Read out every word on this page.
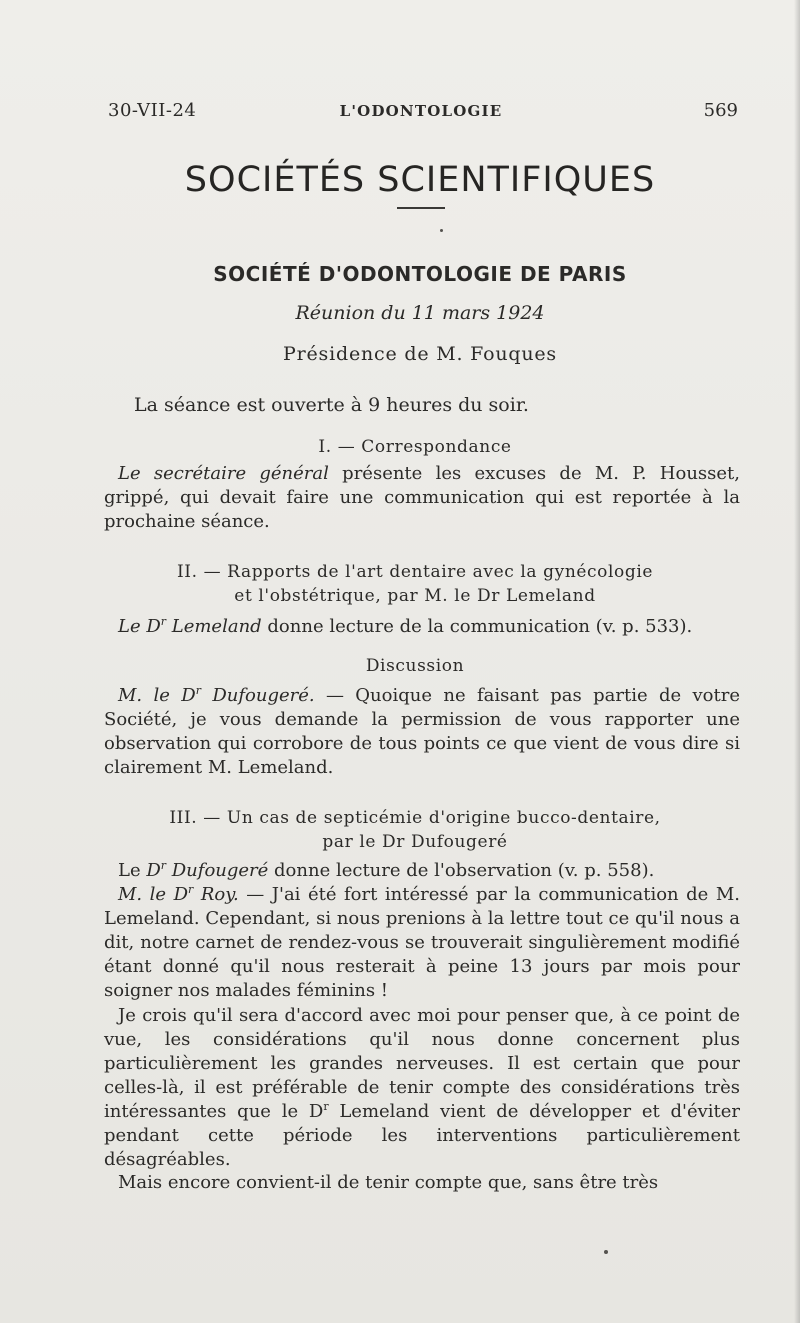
30-VII-24	L'ODONTOLOGIE	569
SOCIÉTÉS SCIENTIFIQUES
SOCIÉTÉ D'ODONTOLOGIE DE PARIS
Réunion du 11 mars 1924
Présidence de M. Fouques
La séance est ouverte à 9 heures du soir.
I. — Correspondance
Le secrétaire général présente les excuses de M. P. Housset, grippé, qui devait faire une communication qui est reportée à la prochaine séance.
II. — Rapports de l'art dentaire avec la gynécologie
et l'obstétrique, par M. le Dr Lemeland
Le $D^r$ Lemeland donne lecture de la communication (v. p. 533).
Discussion
M. le $D^r$ Dufougeré. — Quoique ne faisant pas partie de votre Société, je vous demande la permission de vous rapporter une observation qui corrobore de tous points ce que vient de vous dire si clairement M. Lemeland.
III. — Un cas de septicémie d'origine bucco-dentaire,
par le Dr Dufougeré
Le $D^r$ Dufougeré donne lecture de l'observation (v. p. 558).
M. le $D^r$ Roy. — J'ai été fort intéressé par la communication de M. Lemeland. Cependant, si nous prenions à la lettre tout ce qu'il nous a dit, notre carnet de rendez-vous se trouverait singulièrement modifié étant donné qu'il nous resterait à peine 13 jours par mois pour soigner nos malades féminins !
Je crois qu'il sera d'accord avec moi pour penser que, à ce point de vue, les considérations qu'il nous donne concernent plus particulièrement les grandes nerveuses. Il est certain que pour celles-là, il est préférable de tenir compte des considérations très intéressantes que le $D^r$ Lemeland vient de développer et d'éviter pendant cette période les interventions particulièrement désagréables.
Mais encore convient-il de tenir compte que, sans être très
